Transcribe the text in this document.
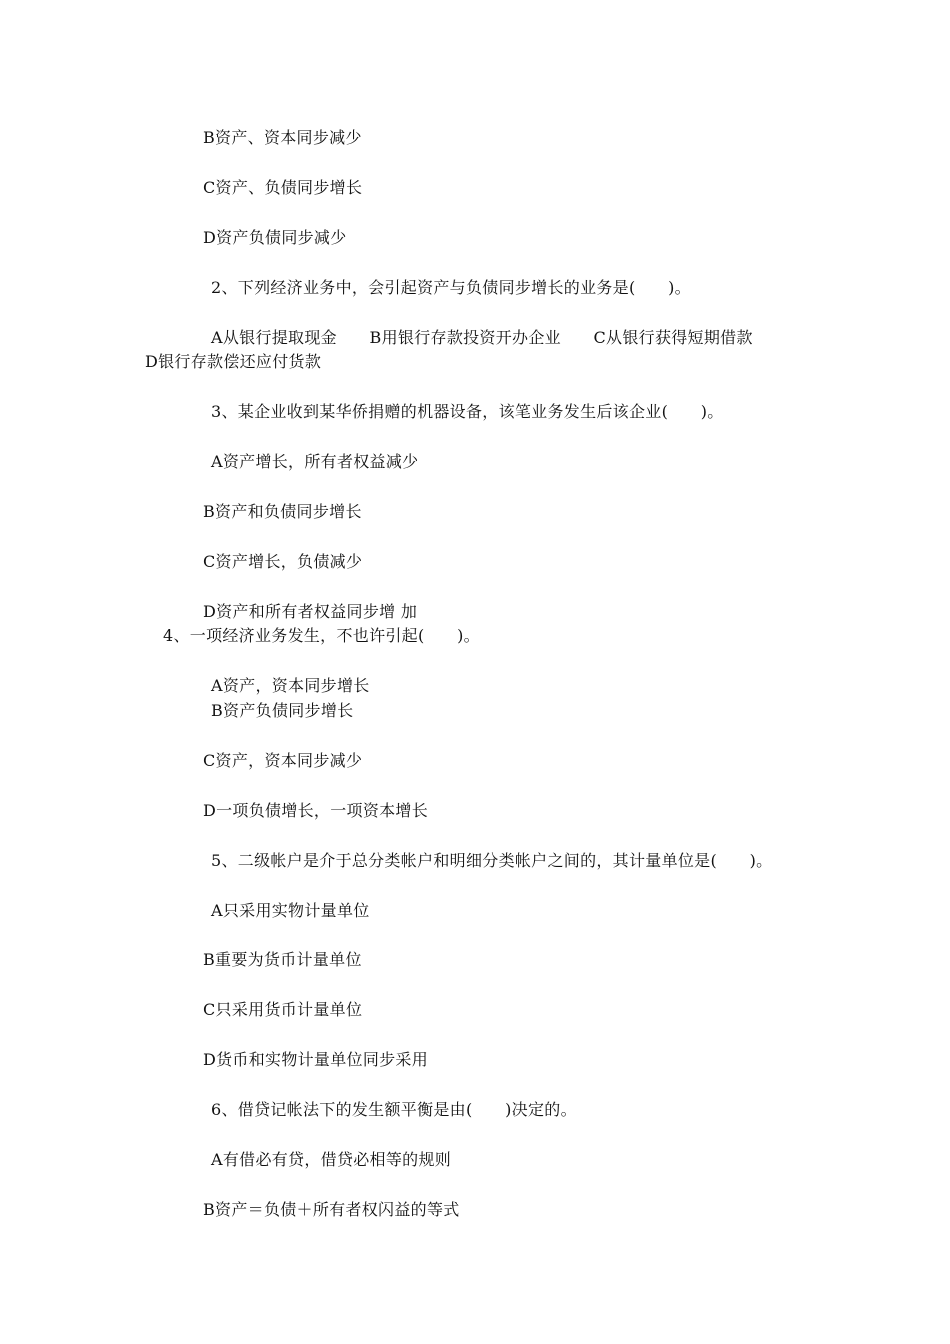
B资产、资本同步减少
C资产、负债同步增长
D资产负债同步减少
2、下列经济业务中，会引起资产与负债同步增长的业务是(　　)。
A从银行提取现金　　B用银行存款投资开办企业　　C从银行获得短期借款
D银行存款偿还应付货款
3、某企业收到某华侨捐赠的机器设备，该笔业务发生后该企业(　　)。
A资产增长，所有者权益减少
B资产和负债同步增长
C资产增长，负债减少
D资产和所有者权益同步增 加
4、一项经济业务发生，不也许引起(　　)。
A资产，资本同步增长
B资产负债同步增长
C资产，资本同步减少
D一项负债增长，一项资本增长
5、二级帐户是介于总分类帐户和明细分类帐户之间的，其计量单位是(　　)。
A只采用实物计量单位
B重要为货币计量单位
C只采用货币计量单位
D货币和实物计量单位同步采用
6、借贷记帐法下的发生额平衡是由(　　)决定的。
A有借必有贷，借贷必相等的规则
B资产＝负债＋所有者权闪益的等式
